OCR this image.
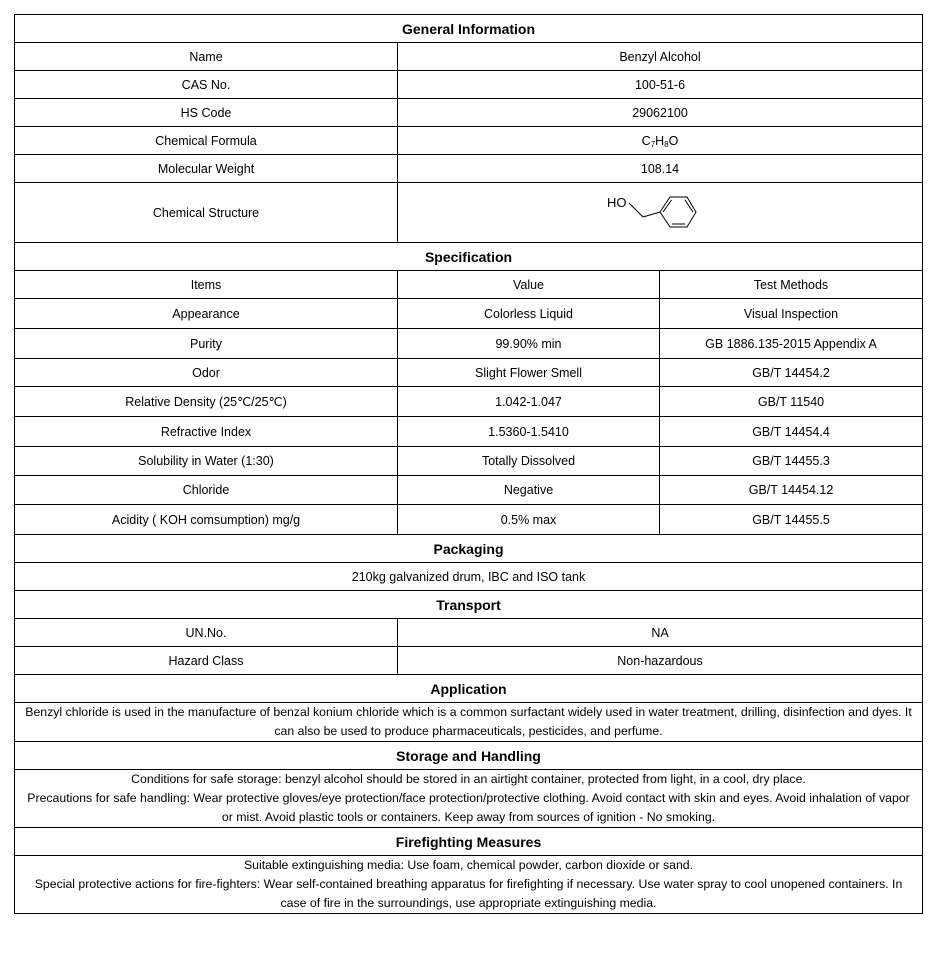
General Information		
Name	Benzyl Alcohol	
CAS No.	100-51-6	
HS Code	29062100	
Chemical Formula	$C_7H_8O$	
Molecular Weight	108.14	
Chemical Structure	HO	

Specification		
Items	Value	Test Methods
Appearance	Colorless Liquid	Visual Inspection
Purity	99.90% min	GB 1886.135-2015 Appendix A
Odor	Slight Flower Smell	GB/T 14454.2
Relative Density (25℃/25℃)	1.042-1.047	GB/T 11540
Refractive Index	1.5360-1.5410	GB/T 14454.4
Solubility in Water (1:30)	Totally Dissolved	GB/T 14455.3
Chloride	Negative	GB/T 14454.12
Acidity ( KOH comsumption) mg/g	0.5% max	GB/T 14455.5
Packaging		
210kg galvanized drum, IBC and ISO tank		
Transport		
UN.No.	NA	
Hazard Class	Non-hazardous	
Application		

Benzyl chloride is used in the manufacture of benzal konium chloride which is a common surfactant widely used in water treatment, drilling, disinfection and dyes. It can also be used to produce pharmaceuticals, pesticides, and perfume.		

Storage and Handling		

Conditions for safe storage: benzyl alcohol should be stored in an airtight container, protected from light, in a cool, dry place.

Precautions for safe handling: Wear protective gloves/eye protection/face protection/protective clothing. Avoid contact with skin and eyes. Avoid inhalation of vapor or mist. Avoid plastic tools or containers. Keep away from sources of ignition - No smoking.		

Firefighting Measures		

Suitable extinguishing media: Use foam, chemical powder, carbon dioxide or sand.

Special protective actions for fire-fighters: Wear self-contained breathing apparatus for firefighting if necessary. Use water spray to cool unopened containers. In case of fire in the surroundings, use appropriate extinguishing media.		
